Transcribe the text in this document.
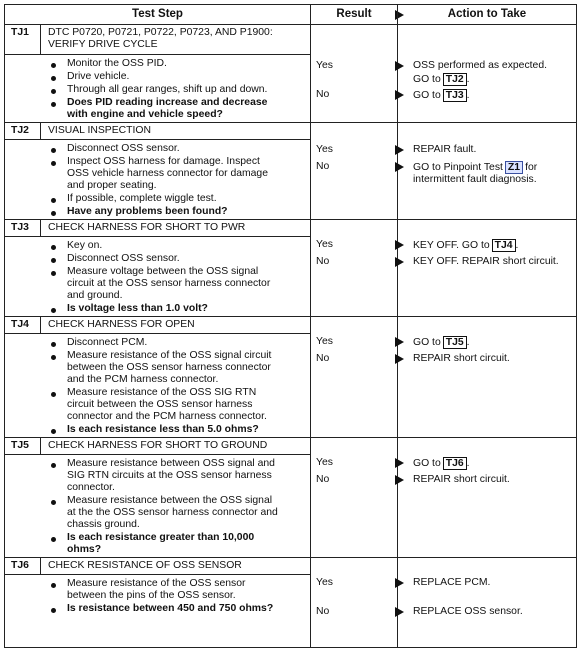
Test Step	Result	Action to Take
TJ1 DTC P0720, P0721, P0722, P0723, AND P1900:
VERIFY DRIVE CYCLE
Monitor the OSS PID.
Drive vehicle.
Through all gear ranges, shift up and down.
Does PID reading increase and decrease
with engine and vehicle speed?
Yes	OSS performed as expected.
GO to TJ2 .
No	GO to TJ3 .
TJ2 VISUAL INSPECTION
Disconnect OSS sensor.
Inspect OSS harness for damage. Inspect
OSS vehicle harness connector for damage
and proper seating.
If possible, complete wiggle test.
Have any problems been found?
Yes	REPAIR fault.
No	GO to Pinpoint Test Z1 for
intermittent fault diagnosis.
TJ3 CHECK HARNESS FOR SHORT TO PWR
Key on.
Disconnect OSS sensor.
Measure voltage between the OSS signal
circuit at the OSS sensor harness connector
and ground.
Is voltage less than 1.0 volt?
Yes	KEY OFF. GO to TJ4 .
No	KEY OFF. REPAIR short circuit.
TJ4 CHECK HARNESS FOR OPEN
Disconnect PCM.
Measure resistance of the OSS signal circuit
between the OSS sensor harness connector
and the PCM harness connector.
Measure resistance of the OSS SIG RTN
circuit between the OSS sensor harness
connector and the PCM harness connector.
Is each resistance less than 5.0 ohms?
Yes	GO to TJ5 .
No	REPAIR short circuit.
TJ5 CHECK HARNESS FOR SHORT TO GROUND
Measure resistance between OSS signal and
SIG RTN circuits at the OSS sensor harness
connector.
Measure resistance between the OSS signal
at the the OSS sensor harness connector and
chassis ground.
Is each resistance greater than 10,000
ohms?
Yes	GO to TJ6 .
No	REPAIR short circuit.
TJ6 CHECK RESISTANCE OF OSS SENSOR
Measure resistance of the OSS sensor
between the pins of the OSS sensor.
Is resistance between 450 and 750 ohms?
Yes	REPLACE PCM.
No	REPLACE OSS sensor.
